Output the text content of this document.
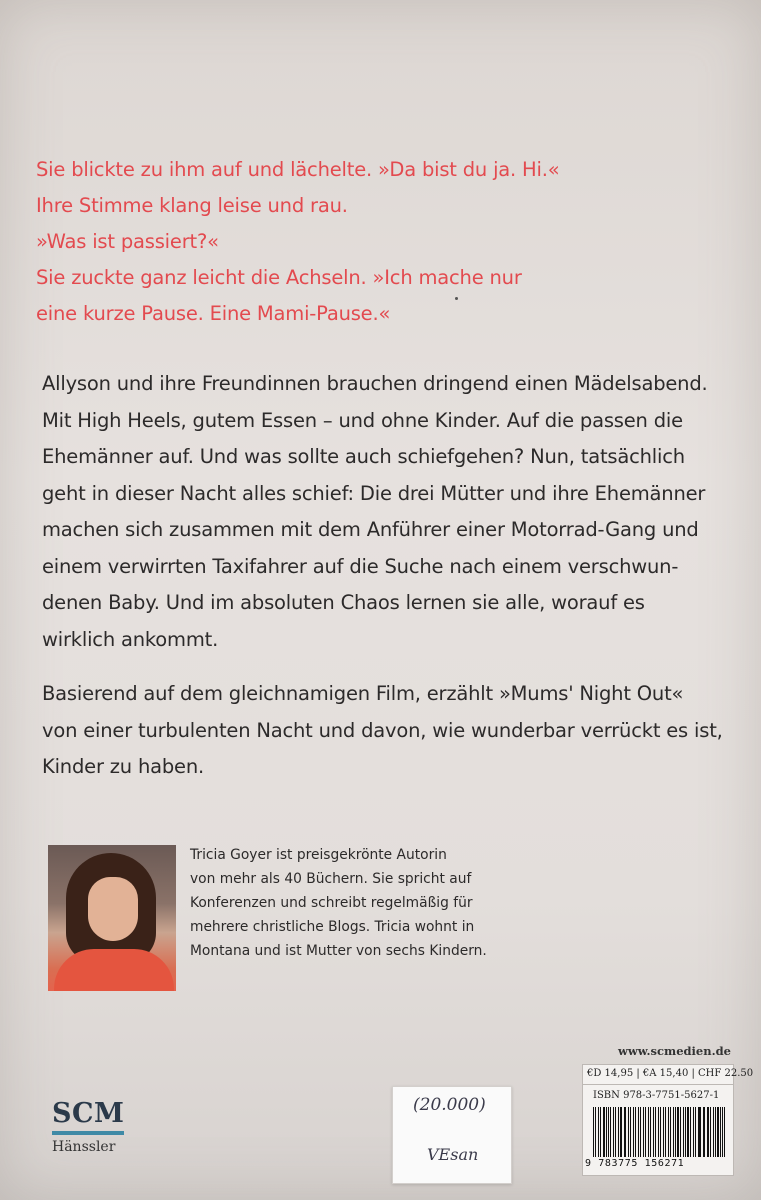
Sie blickte zu ihm auf und lächelte. »Da bist du ja. Hi.«
Ihre Stimme klang leise und rau.
»Was ist passiert?«
Sie zuckte ganz leicht die Achseln. »Ich mache nur
eine kurze Pause. Eine Mami-Pause.«
Allyson und ihre Freundinnen brauchen dringend einen Mädelsabend.
Mit High Heels, gutem Essen – und ohne Kinder. Auf die passen die
Ehemänner auf. Und was sollte auch schiefgehen? Nun, tatsächlich
geht in dieser Nacht alles schief: Die drei Mütter und ihre Ehemänner
machen sich zusammen mit dem Anführer einer Motorrad-Gang und
einem verwirrten Taxifahrer auf die Suche nach einem verschwun-
denen Baby. Und im absoluten Chaos lernen sie alle, worauf es
wirklich ankommt.
Basierend auf dem gleichnamigen Film, erzählt »Mums' Night Out«
von einer turbulenten Nacht und davon, wie wunderbar verrückt es ist,
Kinder zu haben.
Tricia Goyer ist preisgekrönte Autorin
von mehr als 40 Büchern. Sie spricht auf
Konferenzen und schreibt regelmäßig für
mehrere christliche Blogs. Tricia wohnt in
Montana und ist Mutter von sechs Kindern.
www.scmedien.de
€D 14,95 | €A 15,40 | CHF 22.50
ISBN 978-3-7751-5627-1
9 783775 156271
(20.000)
VEsan
SCM
Hänssler
